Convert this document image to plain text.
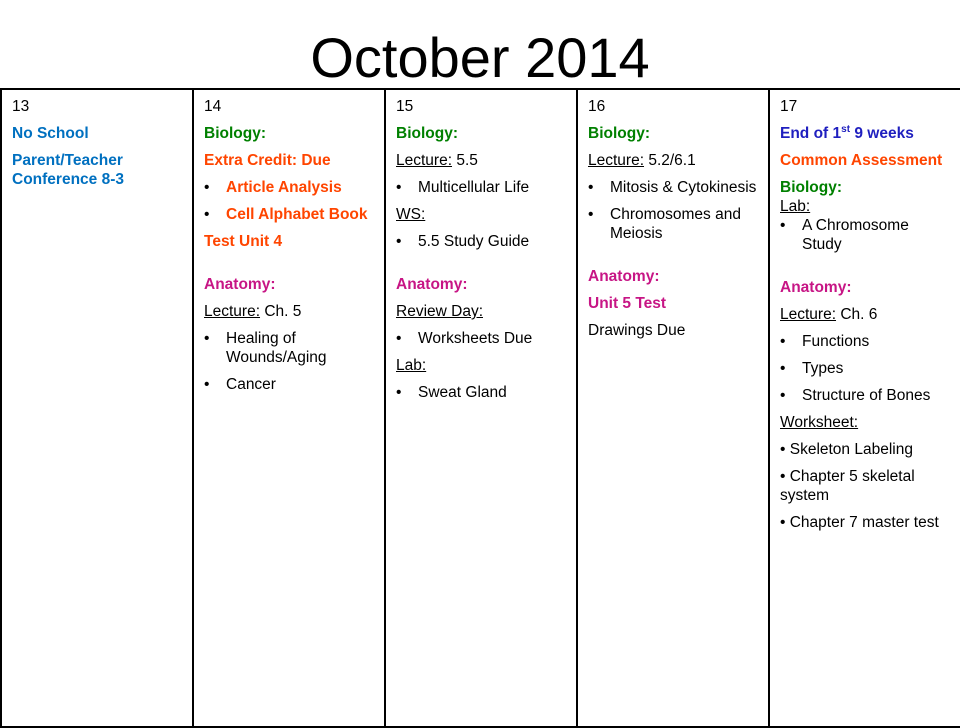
October 2014
13
No School
Parent/Teacher Conference 8-3

14
Biology:
Extra Credit: Due
•	Article Analysis
•	Cell Alphabet Book
Test Unit 4
Anatomy:
Lecture: Ch. 5
•	Healing of Wounds/Aging
•	Cancer

15
Biology:
Lecture: 5.5
•	Multicellular Life
WS:
•	5.5 Study Guide
Anatomy:
Review Day:
•	Worksheets Due
Lab:
•	Sweat Gland

16
Biology:
Lecture: 5.2/6.1
•	Mitosis & Cytokinesis
•	Chromosomes and Meiosis
Anatomy:
Unit 5 Test
Drawings Due

17
End of 1st 9 weeks
Common Assessment
Biology:
Lab:
•	A Chromosome Study
Anatomy:
Lecture: Ch. 6
•	Functions
•	Types
•	Structure of Bones
Worksheet:
• Skeleton Labeling
• Chapter 5 skeletal system
• Chapter 7 master test
